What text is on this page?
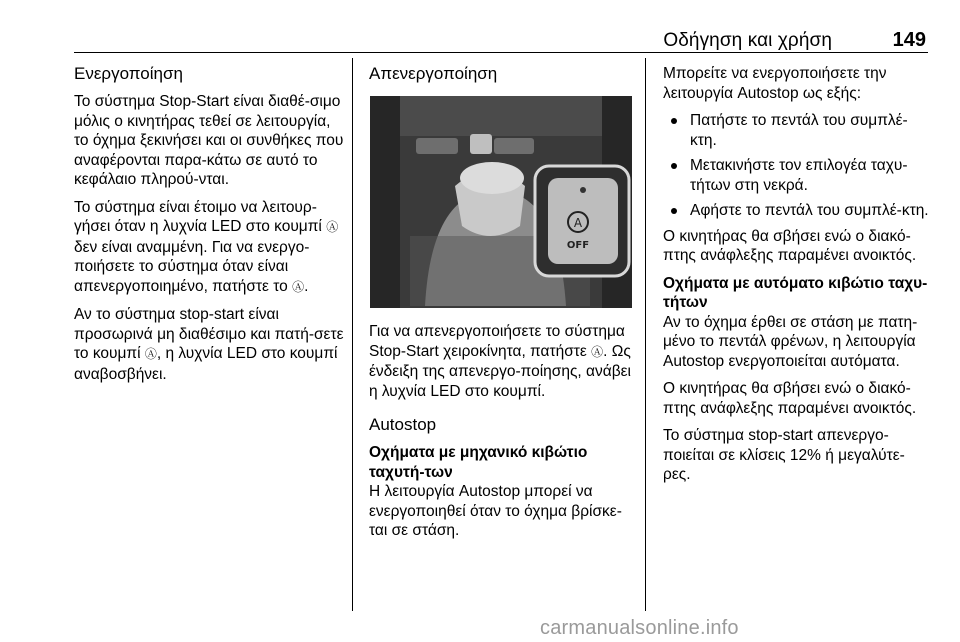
Οδήγηση και χρήση	149
Ενεργοποίηση

Το σύστημα Stop-Start είναι διαθέ-σιμο μόλις ο κινητήρας τεθεί σε λειτουργία, το όχημα ξεκινήσει και οι συνθήκες που αναφέρονται παρα-κάτω σε αυτό το κεφάλαιο πληρού-νται.

Το σύστημα είναι έτοιμο να λειτουρ-γήσει όταν η λυχνία LED στο κουμπί Ⓐ δεν είναι αναμμένη. Για να ενεργο-ποιήσετε το σύστημα όταν είναι απενεργοποιημένο, πατήστε το Ⓐ.

Αν το σύστημα stop-start είναι προσωρινά μη διαθέσιμο και πατή-σετε το κουμπί Ⓐ, η λυχνία LED στο κουμπί αναβοσβήνει.

Απενεργοποίηση
A
OFF

Για να απενεργοποιήσετε το σύστημα Stop-Start χειροκίνητα, πατήστε Ⓐ. Ως ένδειξη της απενεργο-ποίησης, ανάβει η λυχνία LED στο κουμπί.

Autostop
Οχήματα με μηχανικό κιβώτιο ταχυτή-των

Η λειτουργία Autostop μπορεί να ενεργοποιηθεί όταν το όχημα βρίσκε-ται σε στάση.

Μπορείτε να ενεργοποιήσετε την λειτουργία Autostop ως εξής:

Πατήστε το πεντάλ του συμπλέ-κτη.
Μετακινήστε τον επιλογέα ταχυ-τήτων στη νεκρά.
Αφήστε το πεντάλ του συμπλέ-κτη.

Ο κινητήρας θα σβήσει ενώ ο διακό-πτης ανάφλεξης παραμένει ανοικτός.

Οχήματα με αυτόματο κιβώτιο ταχυ-τήτων

Αν το όχημα έρθει σε στάση με πατη-μένο το πεντάλ φρένων, η λειτουργία Autostop ενεργοποιείται αυτόματα.

Ο κινητήρας θα σβήσει ενώ ο διακό-πτης ανάφλεξης παραμένει ανοικτός.

Το σύστημα stop-start απενεργο-ποιείται σε κλίσεις 12% ή μεγαλύτε-ρες.

carmanualsonline.info
